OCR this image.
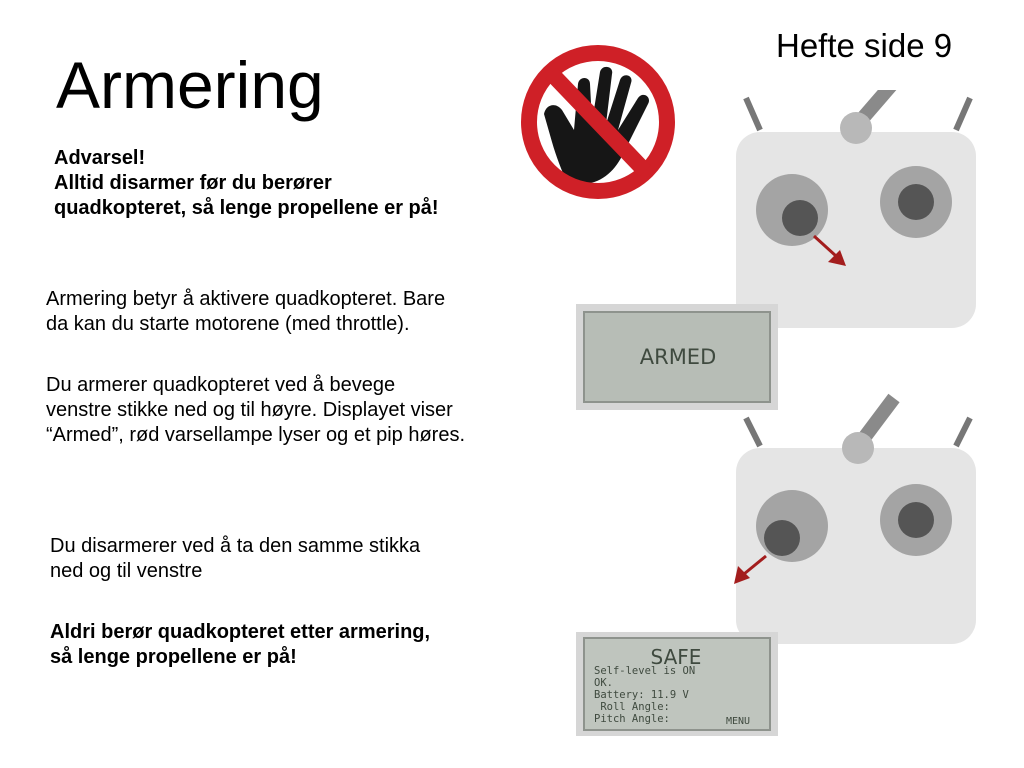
Armering
Hefte side 9
Advarsel!
Alltid disarmer før du berører
quadkopteret, så lenge propellene er på!
Armering betyr å aktivere quadkopteret. Bare
da kan du starte motorene (med throttle).
Du armerer quadkopteret ved å bevege
venstre stikke ned og til høyre. Displayet viser
“Armed”, rød varsellampe lyser og et pip høres.
Du disarmerer ved å ta den samme stikka
ned og til venstre
Aldri berør quadkopteret etter armering,
så lenge propellene er på!
ARMED
SAFE
Self-level is ON
OK.
Battery: 11.9 V
Roll Angle:
Pitch Angle:	MENU
